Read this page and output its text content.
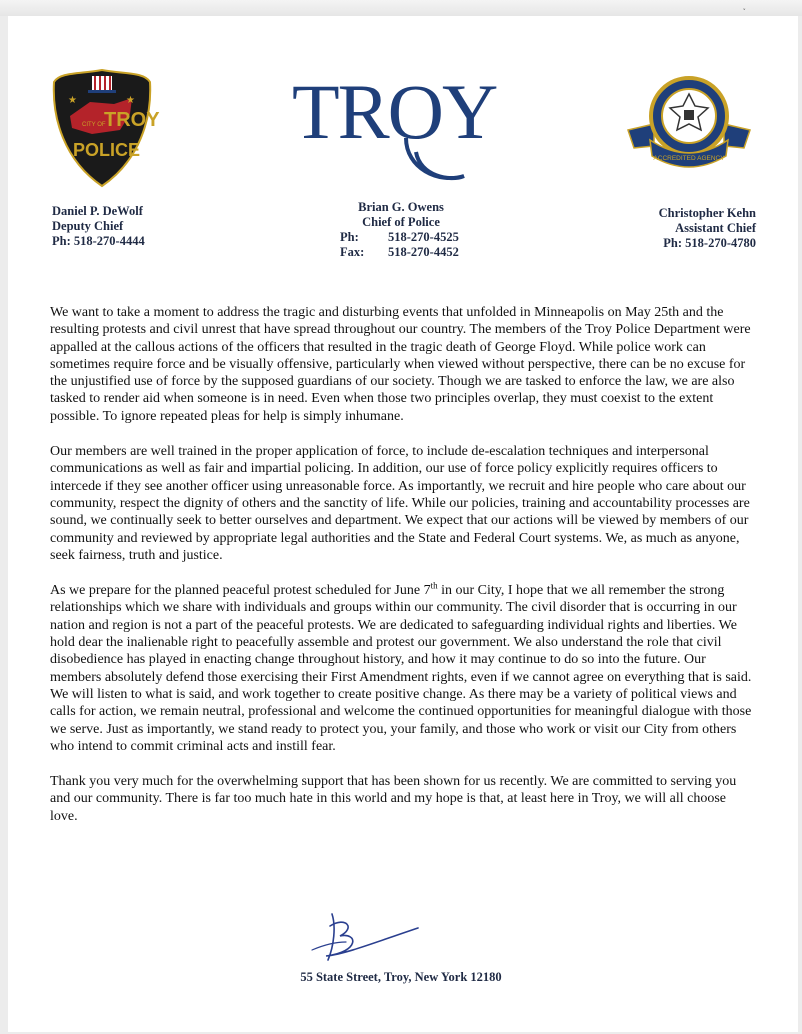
˯
★	★
CITY OF
TROY
POLICE TROY
ACCREDITED AGENCY
Daniel P. DeWolf
Deputy Chief
Ph: 518-270-4444
Brian G. Owens
Chief of Police
Ph:	518-270-4525
Fax:	518-270-4452
Christopher Kehn
Assistant Chief
Ph: 518-270-4780

We want to take a moment to address the tragic and disturbing events that unfolded in Minneapolis on May 25th and the resulting protests and civil unrest that have spread throughout our country. The members of the Troy Police Department were appalled at the callous actions of the officers that resulted in the tragic death of George Floyd. While police work can sometimes require force and be visually offensive, particularly when viewed without perspective, there can be no excuse for the unjustified use of force by the supposed guardians of our society. Though we are tasked to enforce the law, we are also tasked to render aid when someone is in need. Even when those two principles overlap, they must coexist to the extent possible. To ignore repeated pleas for help is simply inhumane.

Our members are well trained in the proper application of force, to include de-escalation techniques and interpersonal communications as well as fair and impartial policing. In addition, our use of force policy explicitly requires officers to intercede if they see another officer using unreasonable force. As importantly, we recruit and hire people who care about our community, respect the dignity of others and the sanctity of life. While our policies, training and accountability processes are sound, we continually seek to better ourselves and department. We expect that our actions will be viewed by members of our community and reviewed by appropriate legal authorities and the State and Federal Court systems. We, as much as anyone, seek fairness, truth and justice.

As we prepare for the planned peaceful protest scheduled for June 7th in our City, I hope that we all remember the strong relationships which we share with individuals and groups within our community. The civil disorder that is occurring in our nation and region is not a part of the peaceful protests. We are dedicated to safeguarding individual rights and liberties. We hold dear the inalienable right to peacefully assemble and protest our government. We also understand the role that civil disobedience has played in enacting change throughout history, and how it may continue to do so into the future. Our members absolutely defend those exercising their First Amendment rights, even if we cannot agree on everything that is said. We will listen to what is said, and work together to create positive change. As there may be a variety of political views and calls for action, we remain neutral, professional and welcome the continued opportunities for meaningful dialogue with those we serve. Just as importantly, we stand ready to protect you, your family, and those who work or visit our City from others who intend to commit criminal acts and instill fear.

Thank you very much for the overwhelming support that has been shown for us recently. We are committed to serving you and our community. There is far too much hate in this world and my hope is that, at least here in Troy, we will all choose love.

55 State Street, Troy, New York 12180
